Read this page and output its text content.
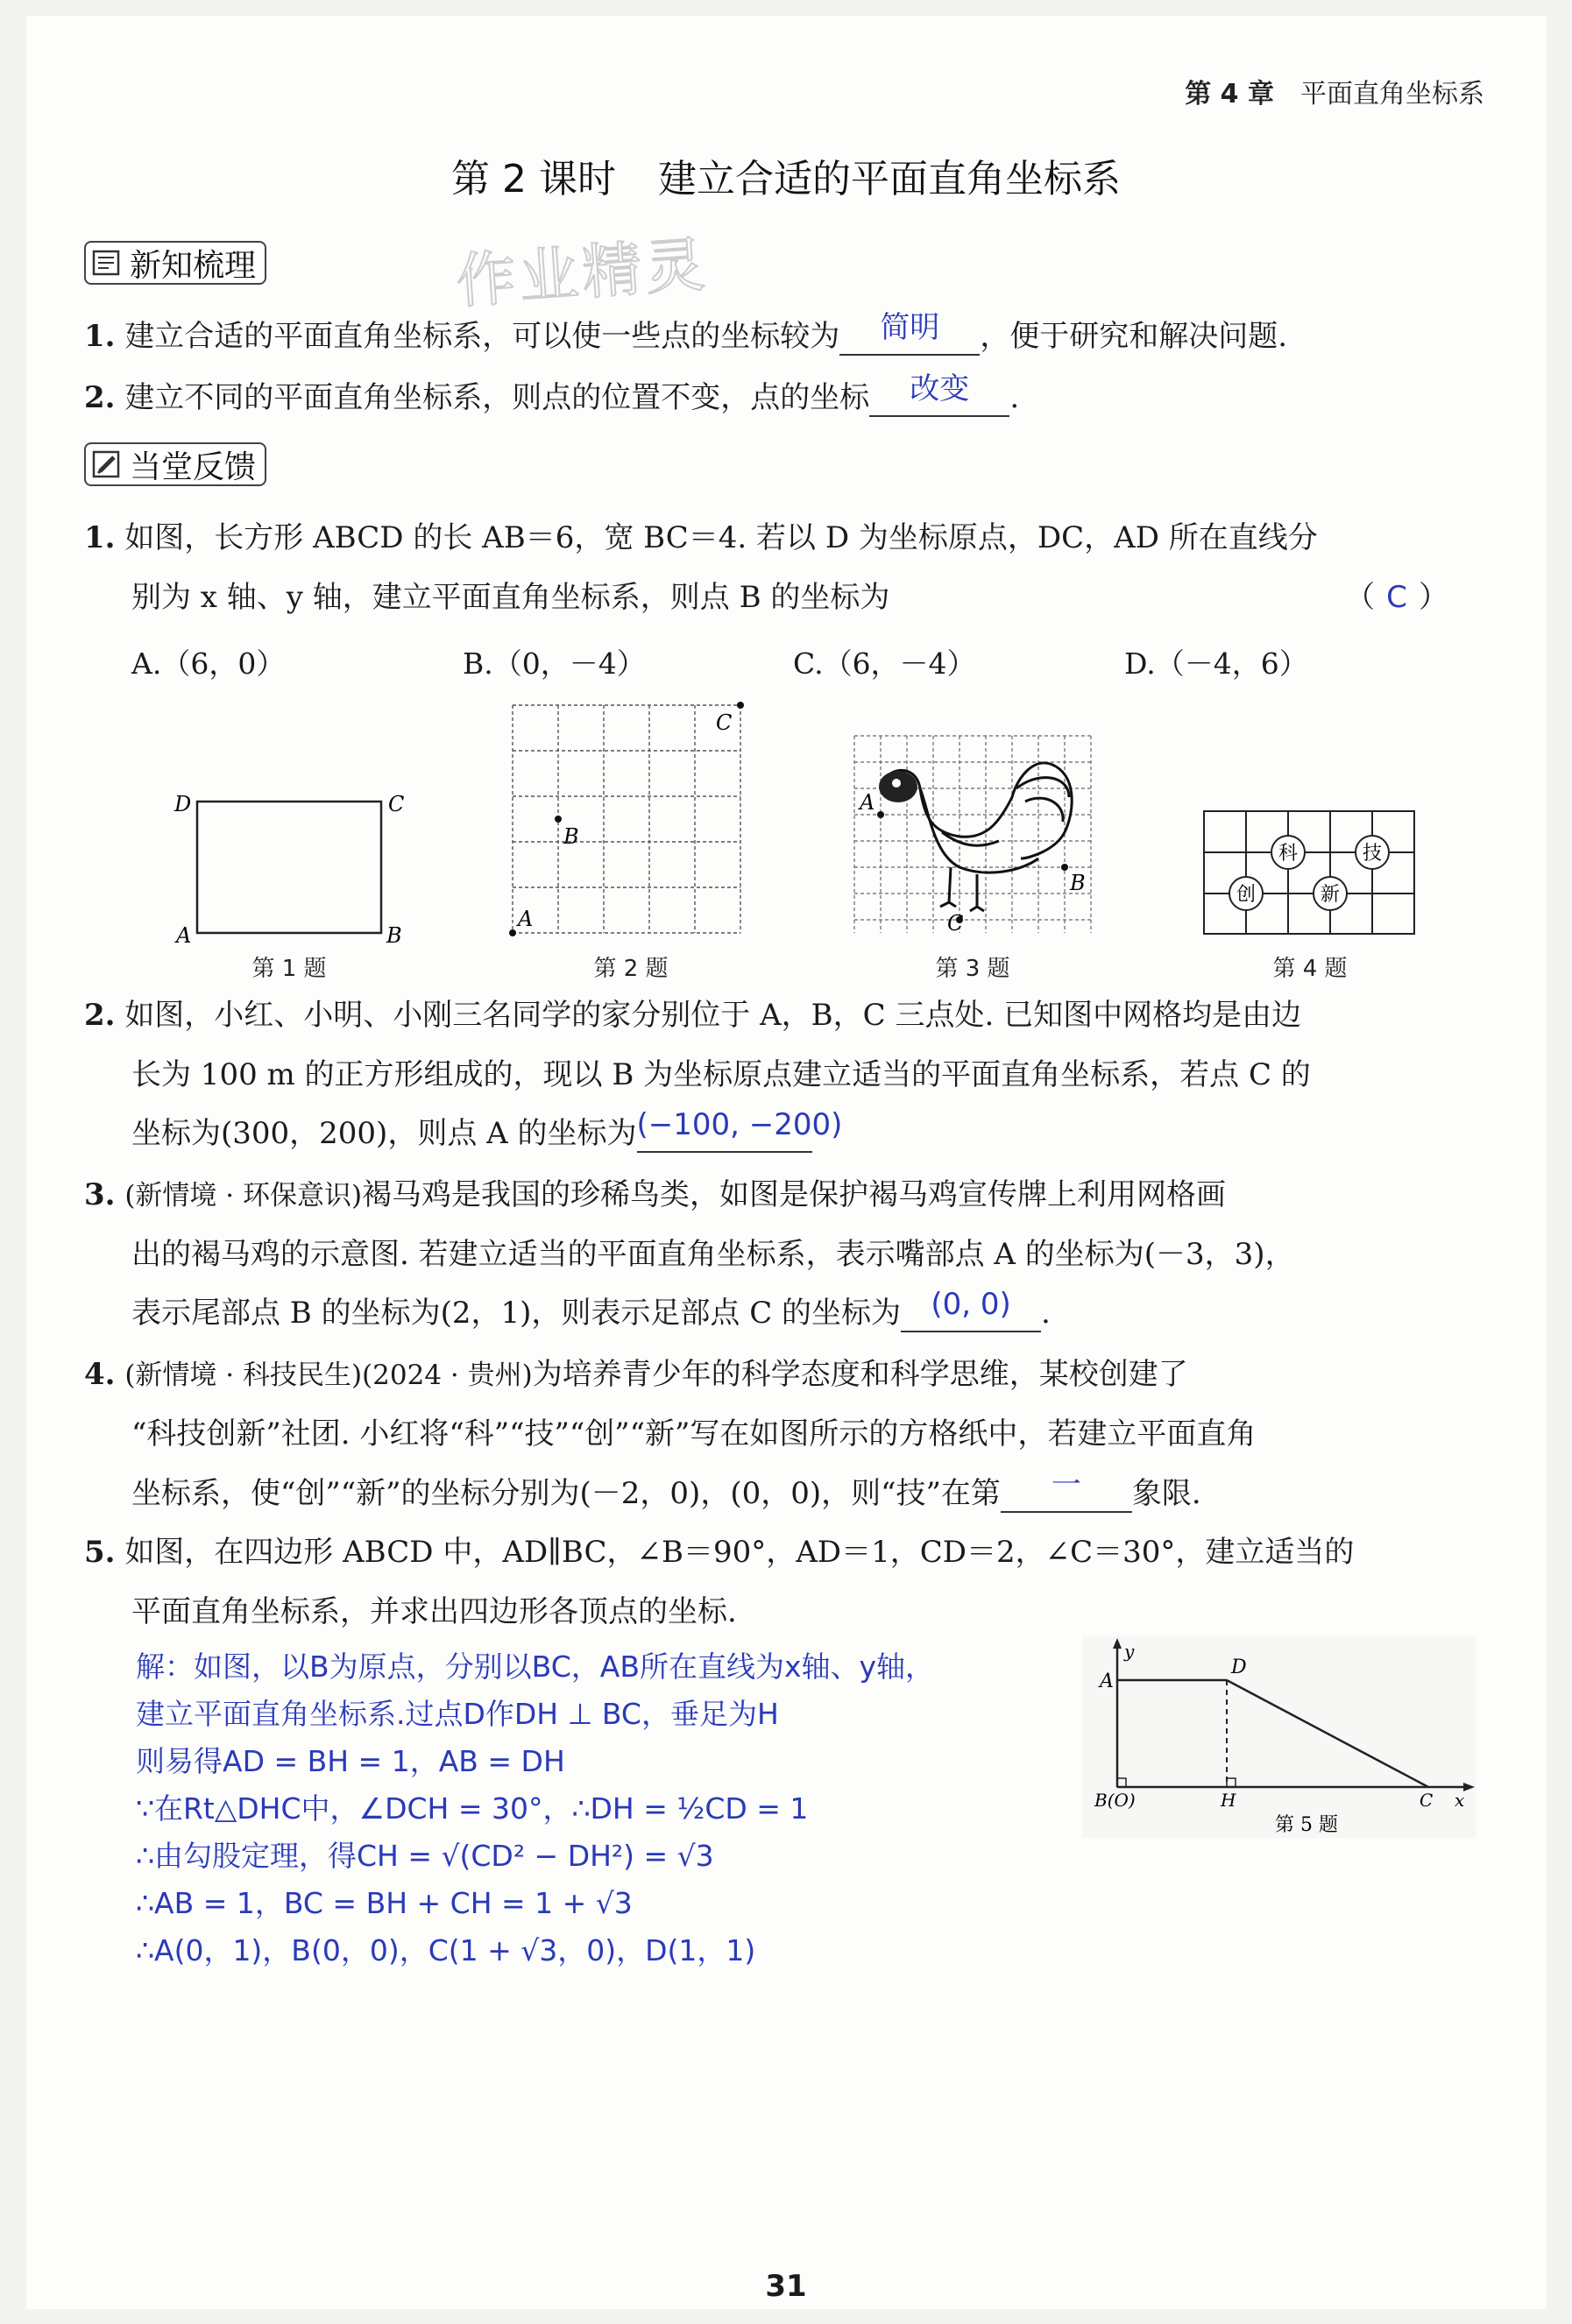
第 4 章 平面直角坐标系
第 2 课时 建立合适的平面直角坐标系
新知梳理	作业精灵
1. 建立合适的平面直角坐标系，可以使一些点的坐标较为	简明	，便于研究和解决问题.
2. 建立不同的平面直角坐标系，则点的位置不变，点的坐标	改变	.
当堂反馈
1. 如图，长方形 ABCD 的长 AB＝6，宽 BC＝4. 若以 D 为坐标原点，DC，AD 所在直线分
别为 x 轴、y 轴，建立平面直角坐标系，则点 B 的坐标为	（ C ）
A.（6，0）	B.（0，－4）	C.（6，－4）	D.（－4，6）
D	C
A	B
第 1 题
C
B
A
第 2 题
A
B
C
第 3 题
科	技
创	新
第 4 题
2. 如图，小红、小明、小刚三名同学的家分别位于 A，B，C 三点处. 已知图中网格均是由边
长为 100 m 的正方形组成的，现以 B 为坐标原点建立适当的平面直角坐标系，若点 C 的
坐标为(300，200)，则点 A 的坐标为 (−100, −200)
3. (新情境 · 环保意识)褐马鸡是我国的珍稀鸟类，如图是保护褐马鸡宣传牌上利用网格画
出的褐马鸡的示意图. 若建立适当的平面直角坐标系，表示嘴部点 A 的坐标为(－3，3)，
表示尾部点 B 的坐标为(2，1)，则表示足部点 C 的坐标为	(0, 0)	.
4. (新情境 · 科技民生)(2024 · 贵州)为培养青少年的科学态度和科学思维，某校创建了
“科技创新”社团. 小红将“科”“技”“创”“新”写在如图所示的方格纸中，若建立平面直角
坐标系，使“创”“新”的坐标分别为(－2，0)，(0，0)，则“技”在第	一	象限.
5. 如图，在四边形 ABCD 中，AD∥BC，∠B＝90°，AD＝1，CD＝2，∠C＝30°，建立适当的
平面直角坐标系，并求出四边形各顶点的坐标.
解：如图，以B为原点，分别以BC，AB所在直线为x轴、y轴，
建立平面直角坐标系.过点D作DH ⊥ BC，垂足为H
则易得AD = BH = 1，AB = DH
∵在Rt△DHC中，∠DCH = 30°，∴DH = ½CD = 1
∴由勾股定理，得CH = √(CD² − DH²) = √3
∴AB = 1，BC = BH + CH = 1 + √3
∴A(0，1)，B(0，0)，C(1 + √3，0)，D(1，1)
y
A
D
B(O)	H	C x
第 5 题
31
